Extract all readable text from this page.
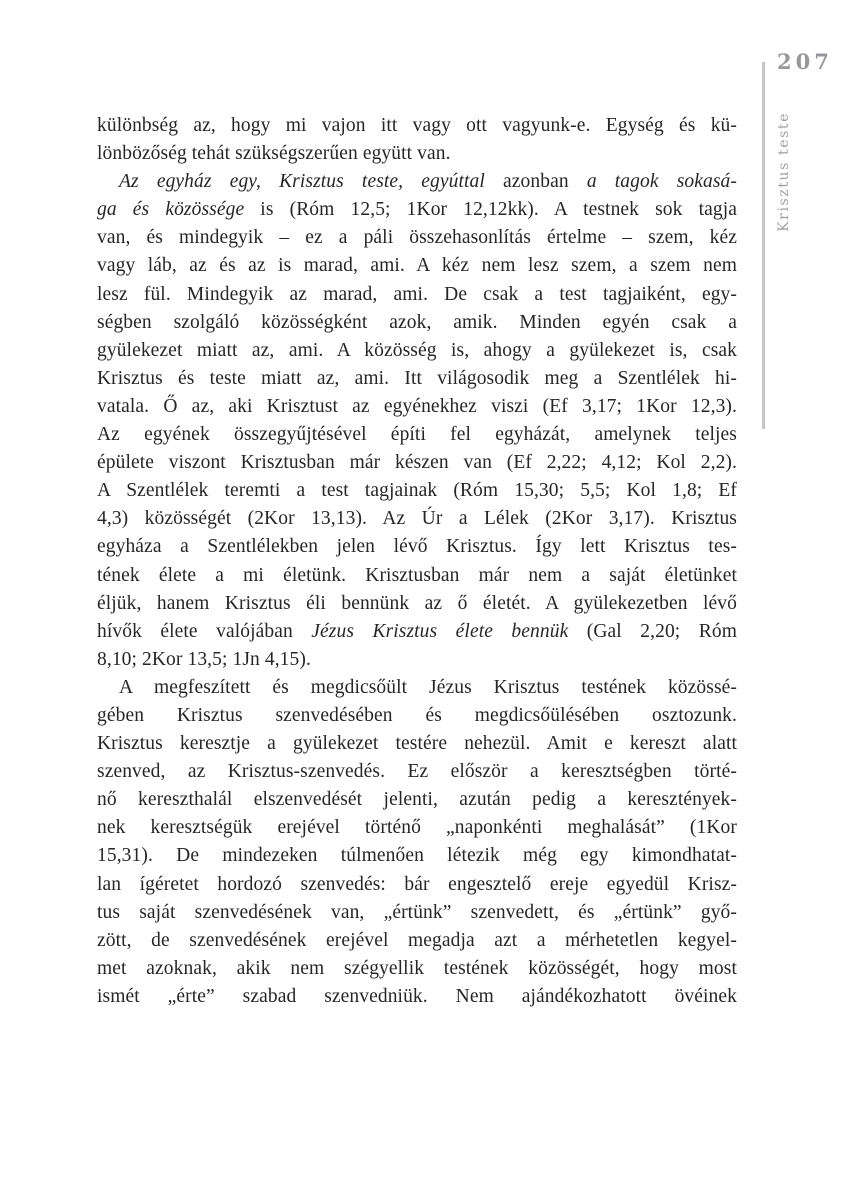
207
Krisztus teste
különbség az, hogy mi vajon itt vagy ott vagyunk-e. Egység és kü-
lönbözőség tehát szükségszerűen együtt van.
Az egyház egy, Krisztus teste, egyúttal azonban a tagok sokasá-
ga és közössége is (Róm 12,5; 1Kor 12,12kk). A testnek sok tagja
van, és mindegyik – ez a páli összehasonlítás értelme – szem, kéz
vagy láb, az és az is marad, ami. A kéz nem lesz szem, a szem nem
lesz fül. Mindegyik az marad, ami. De csak a test tagjaiként, egy-
ségben szolgáló közösségként azok, amik. Minden egyén csak a
gyülekezet miatt az, ami. A közösség is, ahogy a gyülekezet is, csak
Krisztus és teste miatt az, ami. Itt világosodik meg a Szentlélek hi-
vatala. Ő az, aki Krisztust az egyénekhez viszi (Ef 3,17; 1Kor 12,3).
Az egyének összegyűjtésével építi fel egyházát, amelynek teljes
épülete viszont Krisztusban már készen van (Ef 2,22; 4,12; Kol 2,2).
A Szentlélek teremti a test tagjainak (Róm 15,30; 5,5; Kol 1,8; Ef
4,3) közösségét (2Kor 13,13). Az Úr a Lélek (2Kor 3,17). Krisztus
egyháza a Szentlélekben jelen lévő Krisztus. Így lett Krisztus tes-
tének élete a mi életünk. Krisztusban már nem a saját életünket
éljük, hanem Krisztus éli bennünk az ő életét. A gyülekezetben lévő
hívők élete valójában Jézus Krisztus élete bennük (Gal 2,20; Róm
8,10; 2Kor 13,5; 1Jn 4,15).
A megfeszített és megdicsőült Jézus Krisztus testének közössé-
gében Krisztus szenvedésében és megdicsőülésében osztozunk.
Krisztus keresztje a gyülekezet testére nehezül. Amit e kereszt alatt
szenved, az Krisztus-szenvedés. Ez először a keresztségben törté-
nő kereszthalál elszenvedését jelenti, azután pedig a keresztények-
nek keresztségük erejével történő „naponkénti meghalását” (1Kor
15,31). De mindezeken túlmenően létezik még egy kimondhatat-
lan ígéretet hordozó szenvedés: bár engesztelő ereje egyedül Krisz-
tus saját szenvedésének van, „értünk” szenvedett, és „értünk” győ-
zött, de szenvedésének erejével megadja azt a mérhetetlen kegyel-
met azoknak, akik nem szégyellik testének közösségét, hogy most
ismét „érte” szabad szenvedniük. Nem ajándékozhatott övéinek
